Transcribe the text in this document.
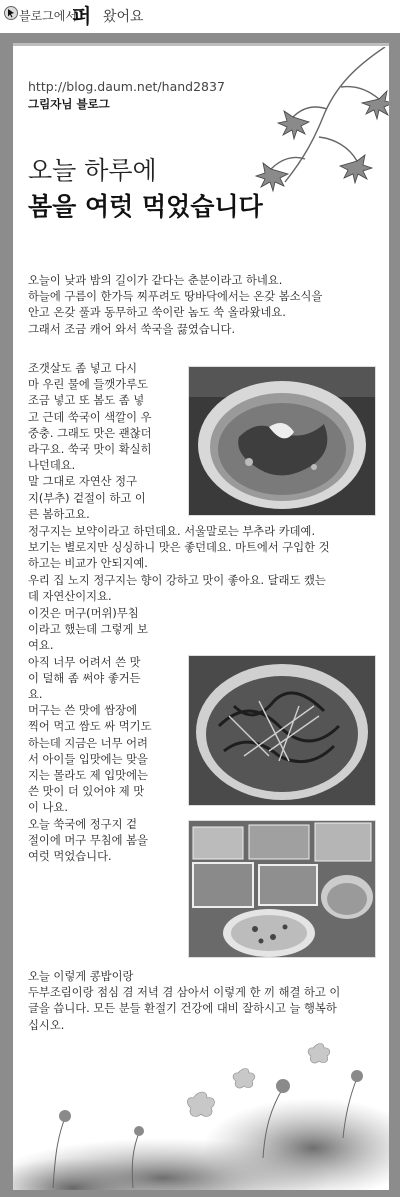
블로그에서
퍼 왔어요
http://blog.daum.net/hand2837
그림자님 블로그
오늘 하루에
봄을 여럿 먹었습니다
오늘이 낮과 밤의 길이가 같다는 춘분이라고 하네요.
하늘에 구름이 한가득 찌푸려도 땅바닥에서는 온갖 봄소식을
안고 온갖 풀과 동무하고 쑥이란 놈도 쑥 올라왔네요.
그래서 조금 캐어 와서 쑥국을 끓였습니다.
조갯살도 좀 넣고 다시
마 우린 물에 들깻가루도
조금 넣고 또 봄도 좀 넣
고 근데 쑥국이 색깔이 우
중충. 그래도 맛은 괜찮더
라구요. 쑥국 맛이 확실히
나던데요.
말 그대로 자연산 정구
지(부추) 겉절이 하고 이
른 봄하고요.
정구지는 보약이라고 하던데요. 서울말로는 부추라 카데예.
보기는 별로지만 싱싱하니 맛은 좋던데요. 마트에서 구입한 것
하고는 비교가 안되지예.
우리 집 노지 정구지는 향이 강하고 맛이 좋아요. 달래도 캤는
데 자연산이지요.
이것은 머구(머위)무침
이라고 했는데 그렇게 보
여요.
아직 너무 어려서 쓴 맛
이 덜해 좀 써야 좋거든
요.
머구는 쓴 맛에 쌈장에
찍어 먹고 쌈도 싸 먹기도
하는데 지금은 너무 어려
서 아이들 입맛에는 맞을
지는 몰라도 제 입맛에는
쓴 맛이 더 있어야 제 맛
이 나요.
오늘 쑥국에 정구지 겉
절이에 머구 무침에 봄을
여럿 먹었습니다.
오늘 이렇게 콩밥이랑
두부조림이랑 점심 겸 저녁 겸 삼아서 이렇게 한 끼 해결 하고 이
글을 씁니다. 모든 분들 환절기 건강에 대비 잘하시고 늘 행복하
십시오.
